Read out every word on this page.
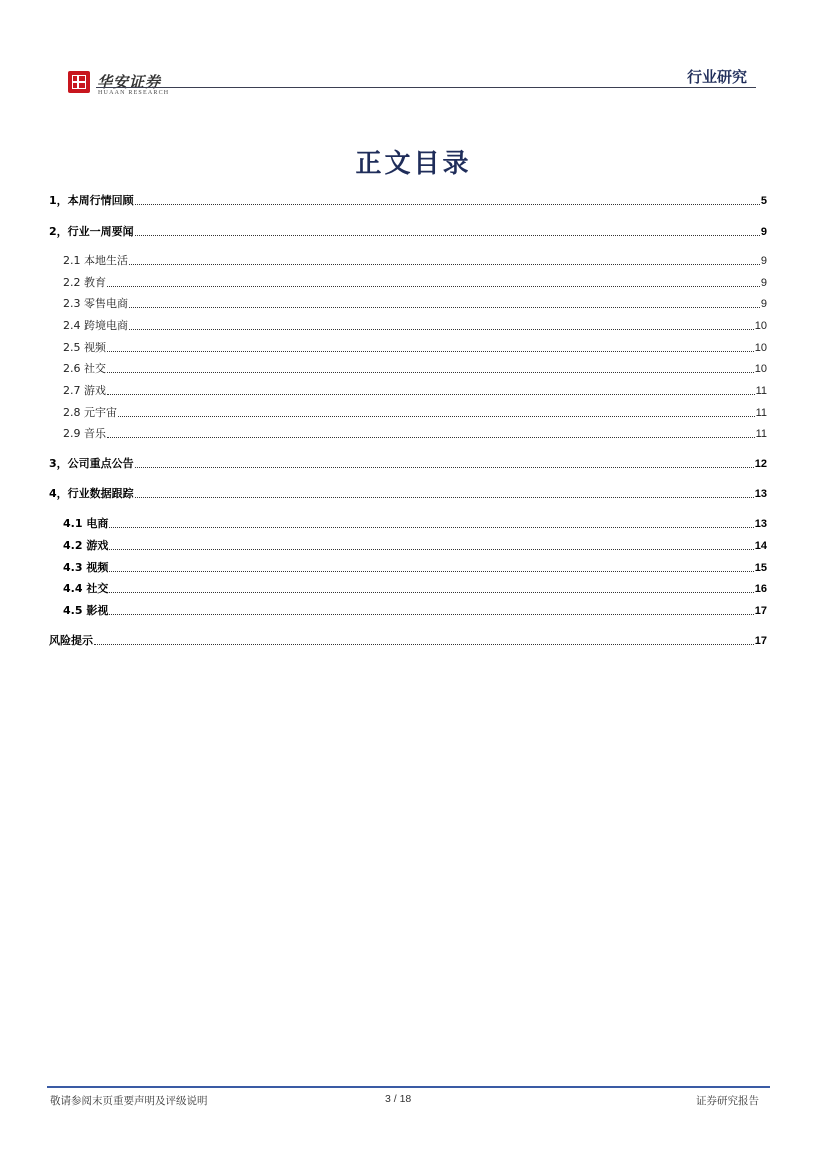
华安证券
HUAAN RESEARCH
行业研究
正文目录
1，本周行情回顾	5
2，行业一周要闻	9
2.1 本地生活	9
2.2 教育	9
2.3 零售电商	9
2.4 跨境电商	10
2.5 视频	10
2.6 社交	10
2.7 游戏	11
2.8 元宇宙	11
2.9 音乐	11
3，公司重点公告	12
4，行业数据跟踪	13
4.1 电商	13
4.2 游戏	14
4.3 视频	15
4.4 社交	16
4.5 影视	17
风险提示	17
敬请参阅末页重要声明及评级说明	3 / 18	证券研究报告
